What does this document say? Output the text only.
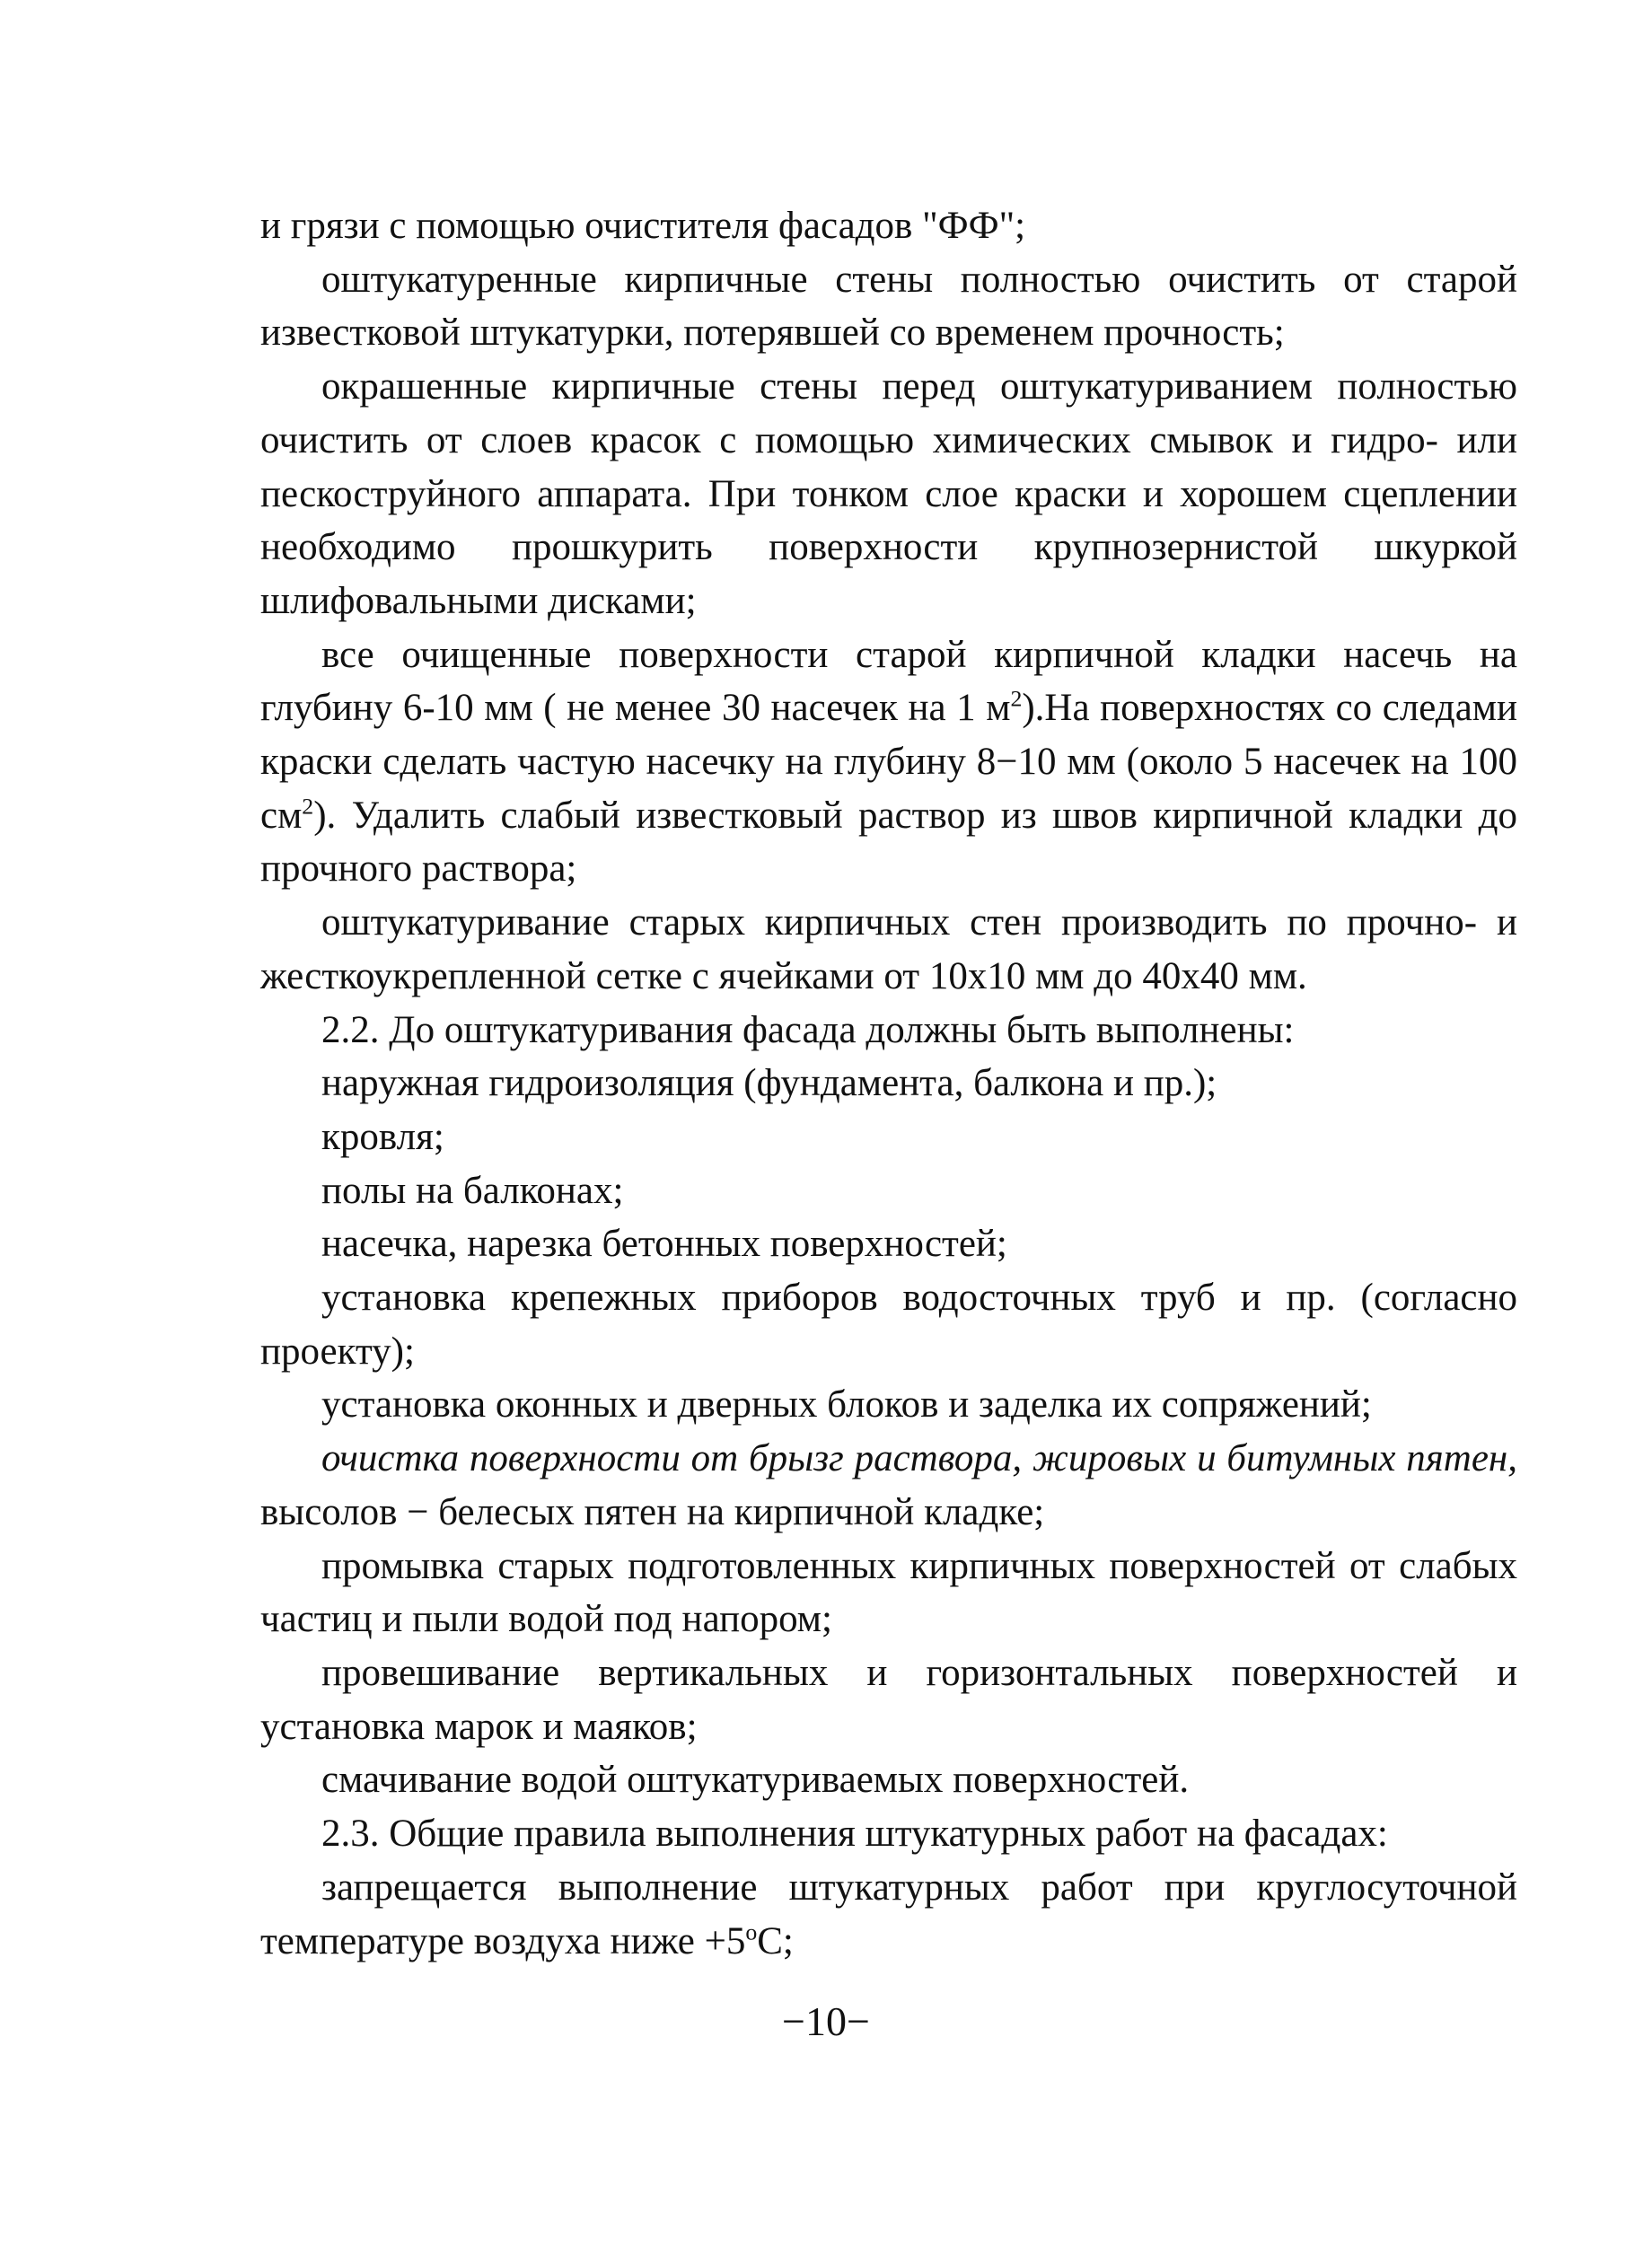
и грязи с помощью очистителя фасадов "ФФ";

оштукатуренные кирпичные стены полностью очистить от старой известковой штукатурки, потерявшей со временем прочность;

окрашенные кирпичные стены перед оштукатуриванием полностью очистить от слоев красок с помощью химических смывок и гидро- или пескоструйного аппарата. При тонком слое краски и хорошем сцеплении необходимо прошкурить поверхности крупнозернистой шкуркой шлифовальными дисками;

все очищенные поверхности старой кирпичной кладки насечь на глубину 6-10 мм ( не менее 30 насечек на 1 $м^2).На$ поверхностях со следами краски сделать частую насечку на глубину 8−10 мм (около 5 насечек на 100 $см^2$). Удалить слабый известковый раствор из швов кирпичной кладки до прочного раствора;

оштукатуривание старых кирпичных стен производить по прочно- и жесткоукрепленной сетке с ячейками от 10x10 мм до 40x40 мм.

2.2. До оштукатуривания фасада должны быть выполнены:

наружная гидроизоляция (фундамента, балкона и пр.);

кровля;

полы на балконах;

насечка, нарезка бетонных поверхностей;

установка крепежных приборов водосточных труб и пр. (согласно проекту);

установка оконных и дверных блоков и заделка их сопряжений;

очистка поверхности от брызг раствора, жировых и битумных пятен, высолов − белесых пятен на кирпичной кладке;

промывка старых подготовленных кирпичных поверхностей от слабых частиц и пыли водой под напором;

провешивание вертикальных и горизонтальных поверхностей и установка марок и маяков;

смачивание водой оштукатуриваемых поверхностей.

2.3. Общие правила выполнения штукатурных работ на фасадах:

запрещается выполнение штукатурных работ при круглосуточной температуре воздуха ниже $+5^оС$;

−10−
